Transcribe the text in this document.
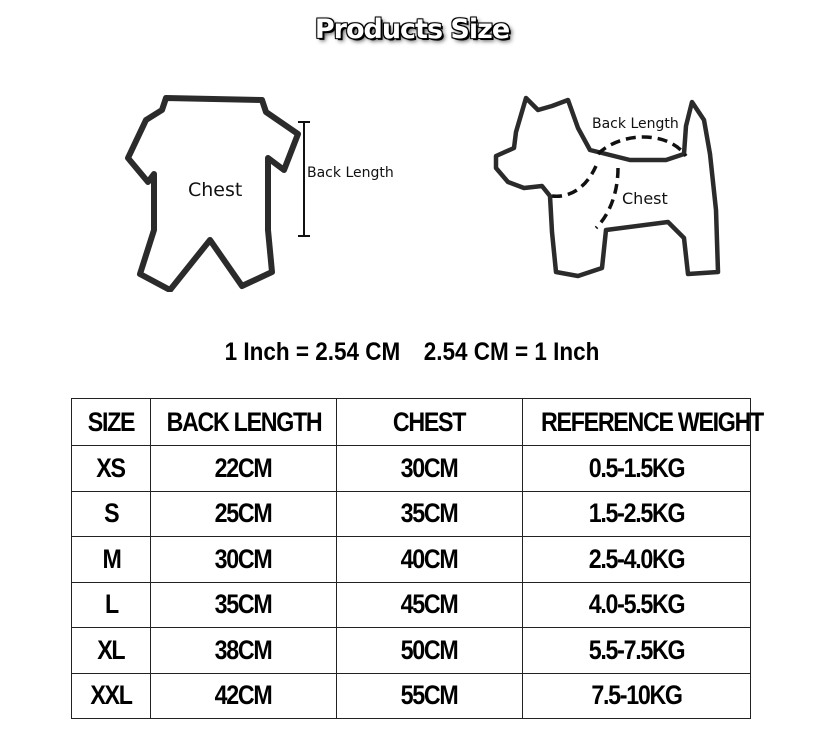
Products Size
Chest
Back Length
Back Length
Chest
1 Inch = 2.54 CM 2.54 CM = 1 Inch
SIZE	BACK LENGTH	CHEST	REFERENCE WEIGHT
XS	22CM	30CM	0.5-1.5KG
S	25CM	35CM	1.5-2.5KG
M	30CM	40CM	2.5-4.0KG
L	35CM	45CM	4.0-5.5KG
XL	38CM	50CM	5.5-7.5KG
XXL	42CM	55CM	7.5-10KG
